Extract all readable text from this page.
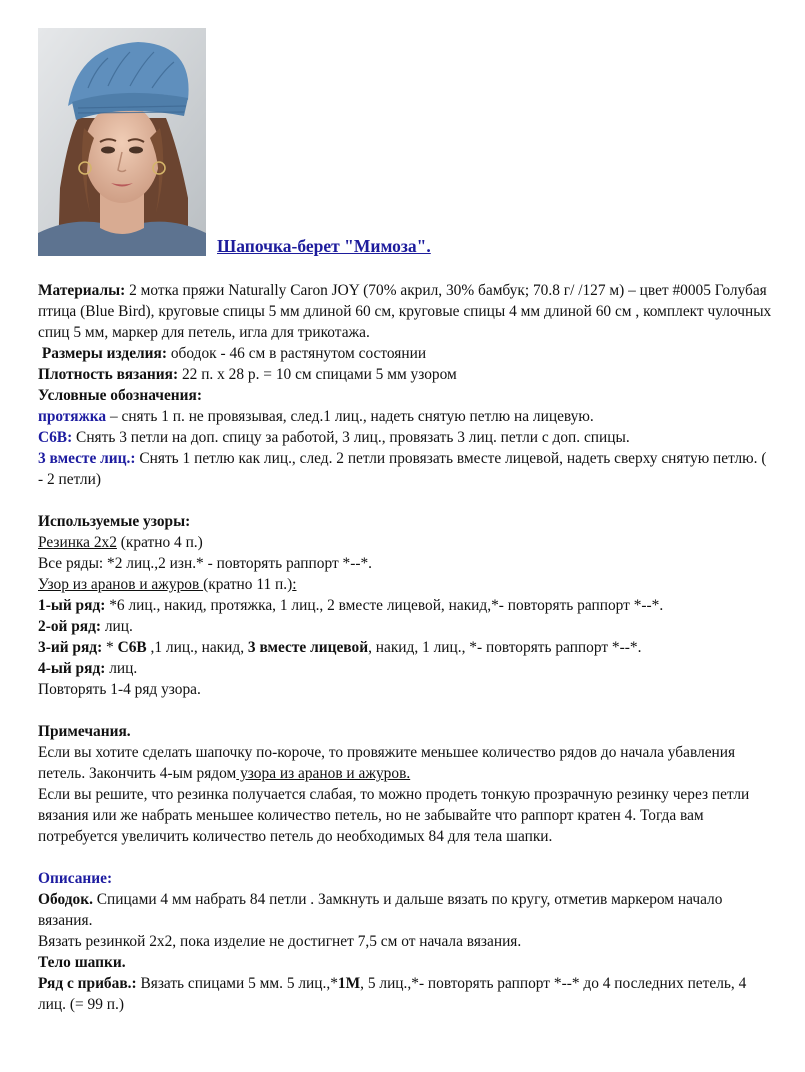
Шапочка-берет "Мимоза".

Материалы: 2 мотка пряжи Naturally Caron JOY (70% акрил, 30% бамбук; 70.8 г/ /127 м) – цвет #0005 Голубая птица (Blue Bird), круговые спицы 5 мм длиной 60 см, круговые спицы 4 мм длиной 60 см , комплект чулочных спиц 5 мм, маркер для петель, игла для трикотажа.

Размеры изделия: ободок - 46 см в растянутом состоянии

Плотность вязания: 22 п. х 28 р. = 10 см спицами 5 мм узором

Условные обозначения:

протяжка – снять 1 п. не провязывая, след.1 лиц., надеть снятую петлю на лицевую.

С6В: Снять 3 петли на доп. спицу за работой, 3 лиц., провязать 3 лиц. петли с доп. спицы.

3 вместе лиц.: Снять 1 петлю как лиц., след. 2 петли провязать вместе лицевой, надеть сверху снятую петлю. ( - 2 петли)

Используемые узоры:

Резинка 2х2 (кратно 4 п.)

Все ряды: *2 лиц.,2 изн.* - повторять раппорт *--*.

Узор из аранов и ажуров (кратно 11 п.):

1-ый ряд: *6 лиц., накид, протяжка, 1 лиц., 2 вместе лицевой, накид,*- повторять раппорт *--*.

2-ой ряд: лиц.

3-ий ряд: * С6В ,1 лиц., накид, 3 вместе лицевой, накид, 1 лиц., *- повторять раппорт *--*.

4-ый ряд: лиц.

Повторять 1-4 ряд узора.

Примечания.

Если вы хотите сделать шапочку по-короче, то провяжите меньшее количество рядов до начала убавления петель. Закончить 4-ым рядом узора из аранов и ажуров.

Если вы решите, что резинка получается слабая, то можно продеть тонкую прозрачную резинку через петли вязания или же набрать меньшее количество петель, но не забывайте что раппорт кратен 4. Тогда вам потребуется увеличить количество петель до необходимых 84 для тела шапки.

Описание:

Ободок. Спицами 4 мм набрать 84 петли . Замкнуть и дальше вязать по кругу, отметив маркером начало вязания.

Вязать резинкой 2х2, пока изделие не достигнет 7,5 см от начала вязания.

Тело шапки.

Ряд с прибав.: Вязать спицами 5 мм. 5 лиц.,*1М, 5 лиц.,*- повторять раппорт *--* до 4 последних петель, 4 лиц. (= 99 п.)
